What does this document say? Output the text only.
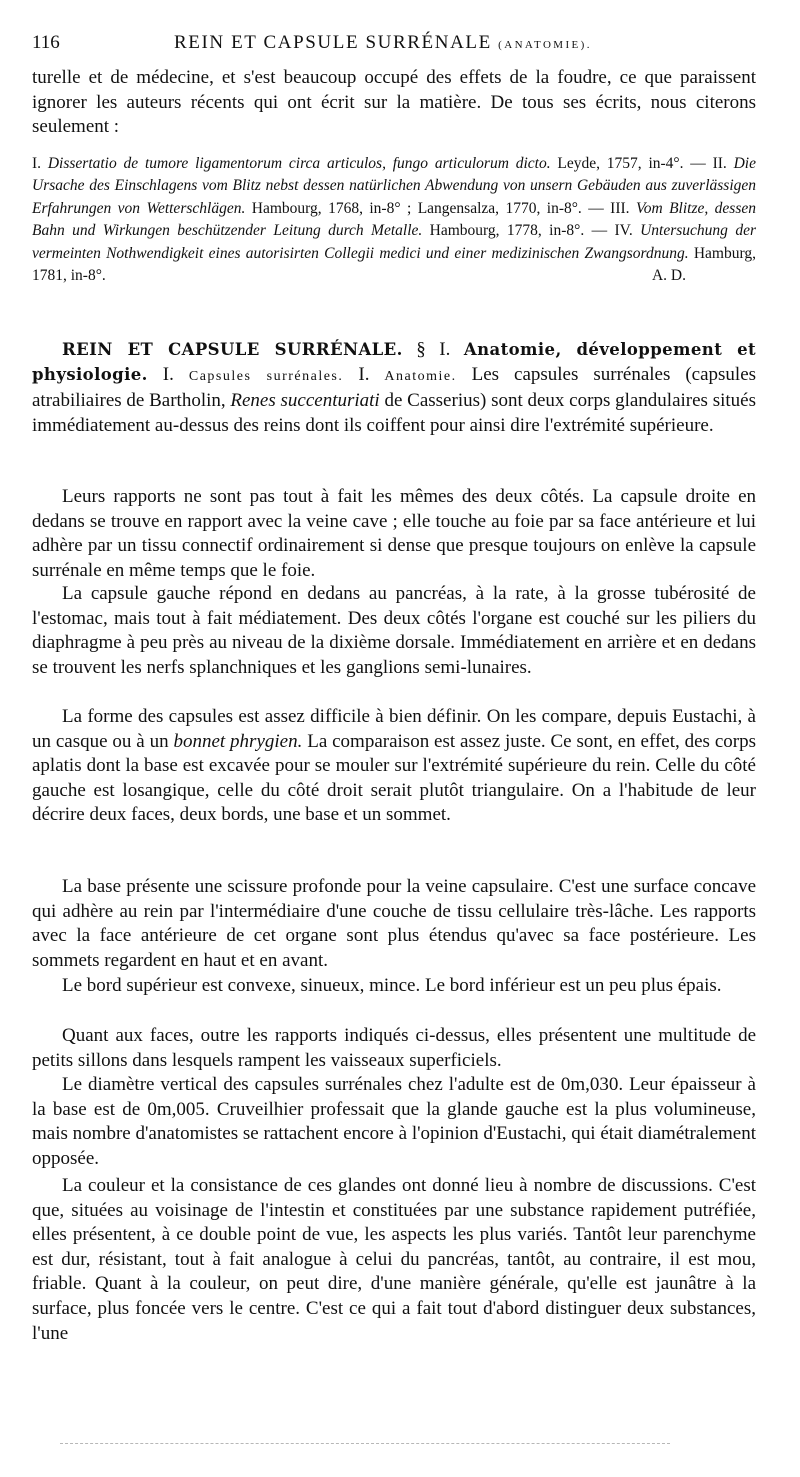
116	REIN ET CAPSULE SURRÉNALE (ANATOMIE).

turelle et de médecine, et s'est beaucoup occupé des effets de la foudre, ce que paraissent ignorer les auteurs récents qui ont écrit sur la matière. De tous ses écrits, nous citerons seulement :

I. Dissertatio de tumore ligamentorum circa articulos, fungo articulorum dicto. Leyde, 1757, in-4°. — II. Die Ursache des Einschlagens vom Blitz nebst dessen natürlichen Abwendung von unsern Gebäuden aus zuverlässigen Erfahrungen von Wetterschlägen. Hambourg, 1768, in-8° ; Langensalza, 1770, in-8°. — III. Vom Blitze, dessen Bahn und Wirkungen beschützender Leitung durch Metalle. Hambourg, 1778, in-8°. — IV. Untersuchung der vermeinten Nothwendigkeit eines autorisirten Collegii medici und einer medizinischen Zwangsordnung. Hamburg, 1781, in-8°.	A. D.

REIN ET CAPSULE SURRÉNALE. § I. Anatomie, développement et physiologie. I. Capsules surrénales. I. Anatomie. Les capsules surrénales (capsules atrabiliaires de Bartholin, Renes succenturiati de Casserius) sont deux corps glandulaires situés immédiatement au-dessus des reins dont ils coiffent pour ainsi dire l'extrémité supérieure.

Leurs rapports ne sont pas tout à fait les mêmes des deux côtés. La capsule droite en dedans se trouve en rapport avec la veine cave ; elle touche au foie par sa face antérieure et lui adhère par un tissu connectif ordinairement si dense que presque toujours on enlève la capsule surrénale en même temps que le foie.

La capsule gauche répond en dedans au pancréas, à la rate, à la grosse tubérosité de l'estomac, mais tout à fait médiatement. Des deux côtés l'organe est couché sur les piliers du diaphragme à peu près au niveau de la dixième dorsale. Immédiatement en arrière et en dedans se trouvent les nerfs splanchniques et les ganglions semi-lunaires.

La forme des capsules est assez difficile à bien définir. On les compare, depuis Eustachi, à un casque ou à un bonnet phrygien. La comparaison est assez juste. Ce sont, en effet, des corps aplatis dont la base est excavée pour se mouler sur l'extrémité supérieure du rein. Celle du côté gauche est losangique, celle du côté droit serait plutôt triangulaire. On a l'habitude de leur décrire deux faces, deux bords, une base et un sommet.

La base présente une scissure profonde pour la veine capsulaire. C'est une surface concave qui adhère au rein par l'intermédiaire d'une couche de tissu cellulaire très-lâche. Les rapports avec la face antérieure de cet organe sont plus étendus qu'avec sa face postérieure. Les sommets regardent en haut et en avant.

Le bord supérieur est convexe, sinueux, mince. Le bord inférieur est un peu plus épais.

Quant aux faces, outre les rapports indiqués ci-dessus, elles présentent une multitude de petits sillons dans lesquels rampent les vaisseaux superficiels.

Le diamètre vertical des capsules surrénales chez l'adulte est de 0m,030. Leur épaisseur à la base est de 0m,005. Cruveilhier professait que la glande gauche est la plus volumineuse, mais nombre d'anatomistes se rattachent encore à l'opinion d'Eustachi, qui était diamétralement opposée.

La couleur et la consistance de ces glandes ont donné lieu à nombre de discussions. C'est que, situées au voisinage de l'intestin et constituées par une substance rapidement putréfiée, elles présentent, à ce double point de vue, les aspects les plus variés. Tantôt leur parenchyme est dur, résistant, tout à fait analogue à celui du pancréas, tantôt, au contraire, il est mou, friable. Quant à la couleur, on peut dire, d'une manière générale, qu'elle est jaunâtre à la surface, plus foncée vers le centre. C'est ce qui a fait tout d'abord distinguer deux substances, l'une
